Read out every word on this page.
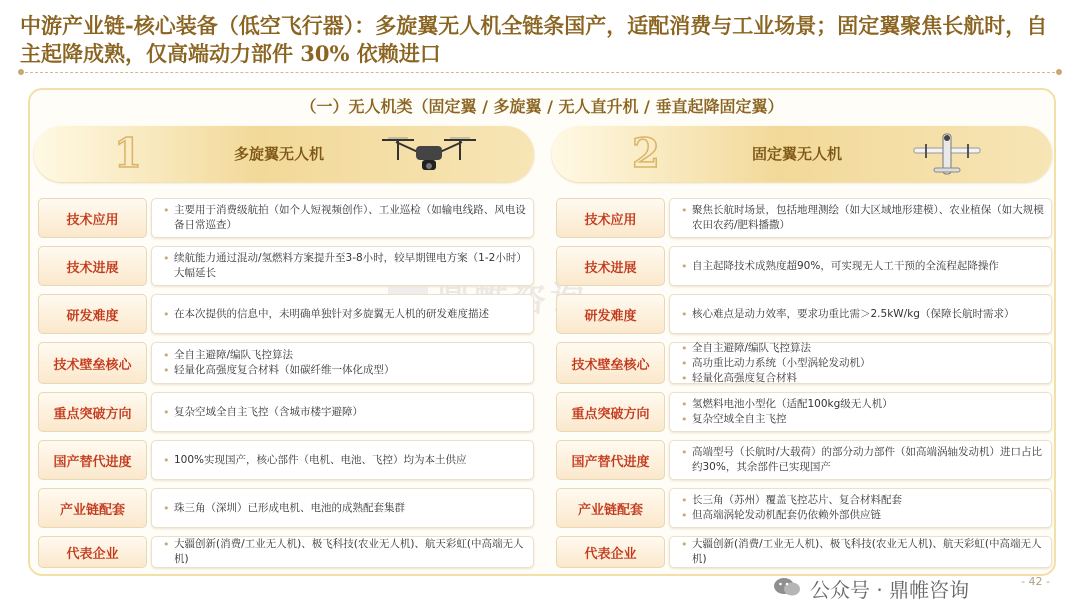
中游产业链-核心装备（低空飞行器）：多旋翼无人机全链条国产，适配消费与工业场景；固定翼聚焦长航时，自主起降成熟，仅高端动力部件 30% 依赖进口
（一）无人机类（固定翼 / 多旋翼 / 无人直升机 / 垂直起降固定翼）
1	多旋翼无人机
技术应用
• 主要用于消费级航拍（如个人短视频创作）、工业巡检（如输电线路、风电设备日常巡查）
技术进展
• 续航能力通过混动/氢燃料方案提升至3-8小时，较早期锂电方案（1-2小时）大幅延长
研发难度	• 在本次提供的信息中，未明确单独针对多旋翼无人机的研发难度描述
技术壁垒核心
• 全自主避障/编队飞控算法
• 轻量化高强度复合材料（如碳纤维一体化成型）
重点突破方向	• 复杂空域全自主飞控（含城市楼宇避障）
国产替代进度	• 100%实现国产，核心部件（电机、电池、飞控）均为本土供应
产业链配套	• 珠三角（深圳）已形成电机、电池的成熟配套集群
代表企业
• 大疆创新(消费/工业无人机)、极飞科技(农业无人机)、航天彩虹(中高端无人机)
2	固定翼无人机
技术应用
• 聚焦长航时场景，包括地理测绘（如大区域地形建模）、农业植保（如大规模农田农药/肥料播撒）
技术进展	• 自主起降技术成熟度超90%，可实现无人工干预的全流程起降操作
研发难度	• 核心难点是动力效率，要求功重比需＞2.5kW/kg（保障长航时需求）
技术壁垒核心
• 全自主避障/编队飞控算法
• 高功重比动力系统（小型涡轮发动机）
• 轻量化高强度复合材料
重点突破方向
• 氢燃料电池小型化（适配100kg级无人机）
• 复杂空域全自主飞控
国产替代进度
• 高端型号（长航时/大载荷）的部分动力部件（如高端涡轴发动机）进口占比约30%，其余部件已实现国产
产业链配套
• 长三角（苏州）覆盖飞控芯片、复合材料配套
• 但高端涡轮发动机配套仍依赖外部供应链
代表企业
• 大疆创新(消费/工业无人机)、极飞科技(农业无人机)、航天彩虹(中高端无人机)
公众号 · 鼎帷咨询	- 42 -
